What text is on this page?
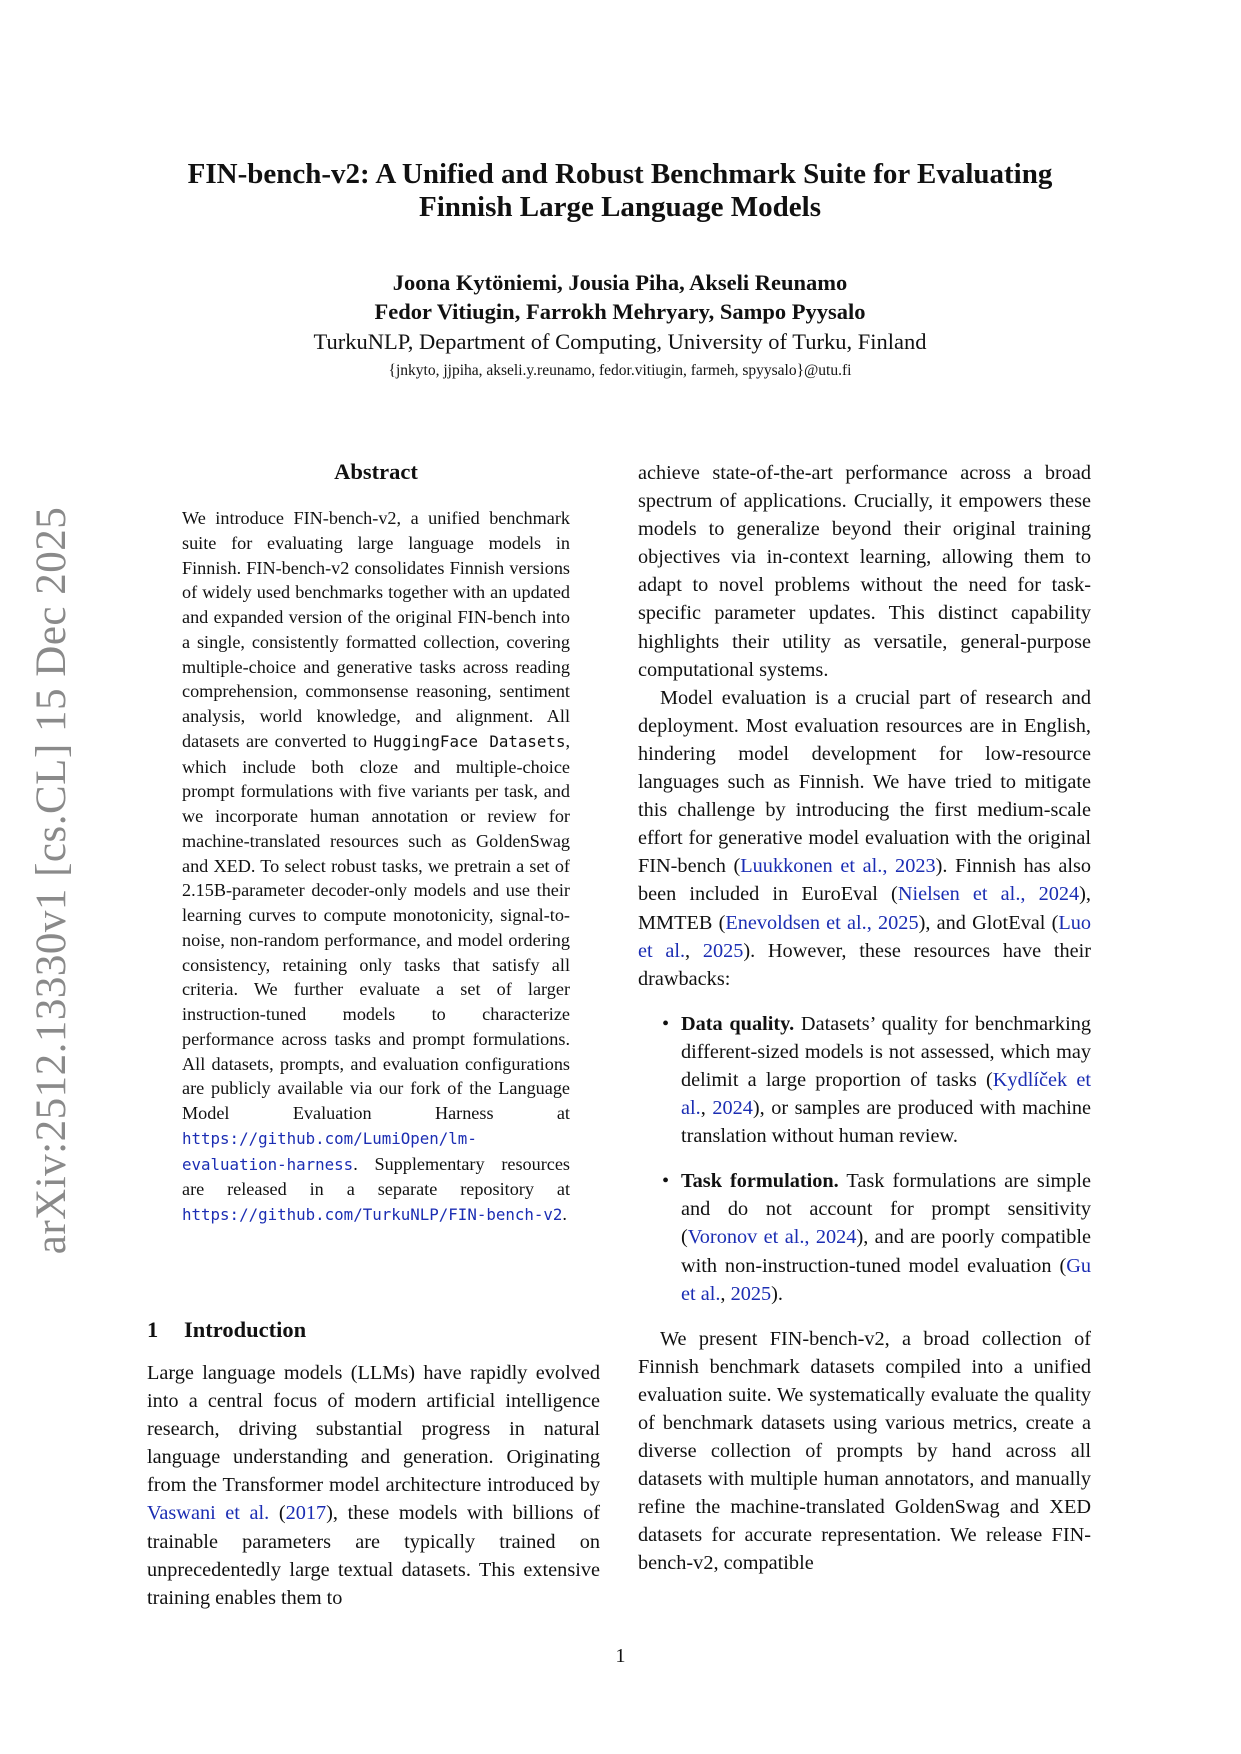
arXiv:2512.13330v1 [cs.CL] 15 Dec 2025
FIN-bench-v2: A Unified and Robust Benchmark Suite for Evaluating
Finnish Large Language Models
Joona Kytöniemi, Jousia Piha, Akseli Reunamo
Fedor Vitiugin, Farrokh Mehryary, Sampo Pyysalo
TurkuNLP, Department of Computing, University of Turku, Finland
{jnkyto, jjpiha, akseli.y.reunamo, fedor.vitiugin, farmeh, spyysalo}@utu.fi
Abstract

We introduce FIN-bench-v2, a unified benchmark suite for evaluating large language models in Finnish. FIN-bench-v2 consolidates Finnish versions of widely used benchmarks together with an updated and expanded version of the original FIN-bench into a single, consistently formatted collection, covering multiple-choice and generative tasks across reading comprehension, commonsense reasoning, sentiment analysis, world knowledge, and alignment. All datasets are converted to HuggingFace Datasets, which include both cloze and multiple-choice prompt formulations with five variants per task, and we incorporate human annotation or review for machine-translated resources such as GoldenSwag and XED. To select robust tasks, we pretrain a set of 2.15B-parameter decoder-only models and use their learning curves to compute monotonicity, signal-to-noise, non-random performance, and model ordering consistency, retaining only tasks that satisfy all criteria. We further evaluate a set of larger instruction-tuned models to characterize performance across tasks and prompt formulations. All datasets, prompts, and evaluation configurations are publicly available via our fork of the Language Model Evaluation Harness at https://github.com/LumiOpen/lm-evaluation-harness. Supplementary resources are released in a separate repository at https://github.com/TurkuNLP/FIN-bench-v2.

1 Introduction

Large language models (LLMs) have rapidly evolved into a central focus of modern artificial intelligence research, driving substantial progress in natural language understanding and generation. Originating from the Transformer model architecture introduced by Vaswani et al. (2017), these models with billions of trainable parameters are typically trained on unprecedentedly large textual datasets. This extensive training enables them to

achieve state-of-the-art performance across a broad spectrum of applications. Crucially, it empowers these models to generalize beyond their original training objectives via in-context learning, allowing them to adapt to novel problems without the need for task-specific parameter updates. This distinct capability highlights their utility as versatile, general-purpose computational systems.

Model evaluation is a crucial part of research and deployment. Most evaluation resources are in English, hindering model development for low-resource languages such as Finnish. We have tried to mitigate this challenge by introducing the first medium-scale effort for generative model evaluation with the original FIN-bench (Luukkonen et al., 2023). Finnish has also been included in EuroEval (Nielsen et al., 2024), MMTEB (Enevoldsen et al., 2025), and GlotEval (Luo et al., 2025). However, these resources have their drawbacks:

• Data quality. Datasets’ quality for benchmarking different-sized models is not assessed, which may delimit a large proportion of tasks (Kydlíček et al., 2024), or samples are produced with machine translation without human review.

• Task formulation. Task formulations are simple and do not account for prompt sensitivity (Voronov et al., 2024), and are poorly compatible with non-instruction-tuned model evaluation (Gu et al., 2025).

We present FIN-bench-v2, a broad collection of Finnish benchmark datasets compiled into a unified evaluation suite. We systematically evaluate the quality of benchmark datasets using various metrics, create a diverse collection of prompts by hand across all datasets with multiple human annotators, and manually refine the machine-translated GoldenSwag and XED datasets for accurate representation. We release FIN-bench-v2, compatible

1
